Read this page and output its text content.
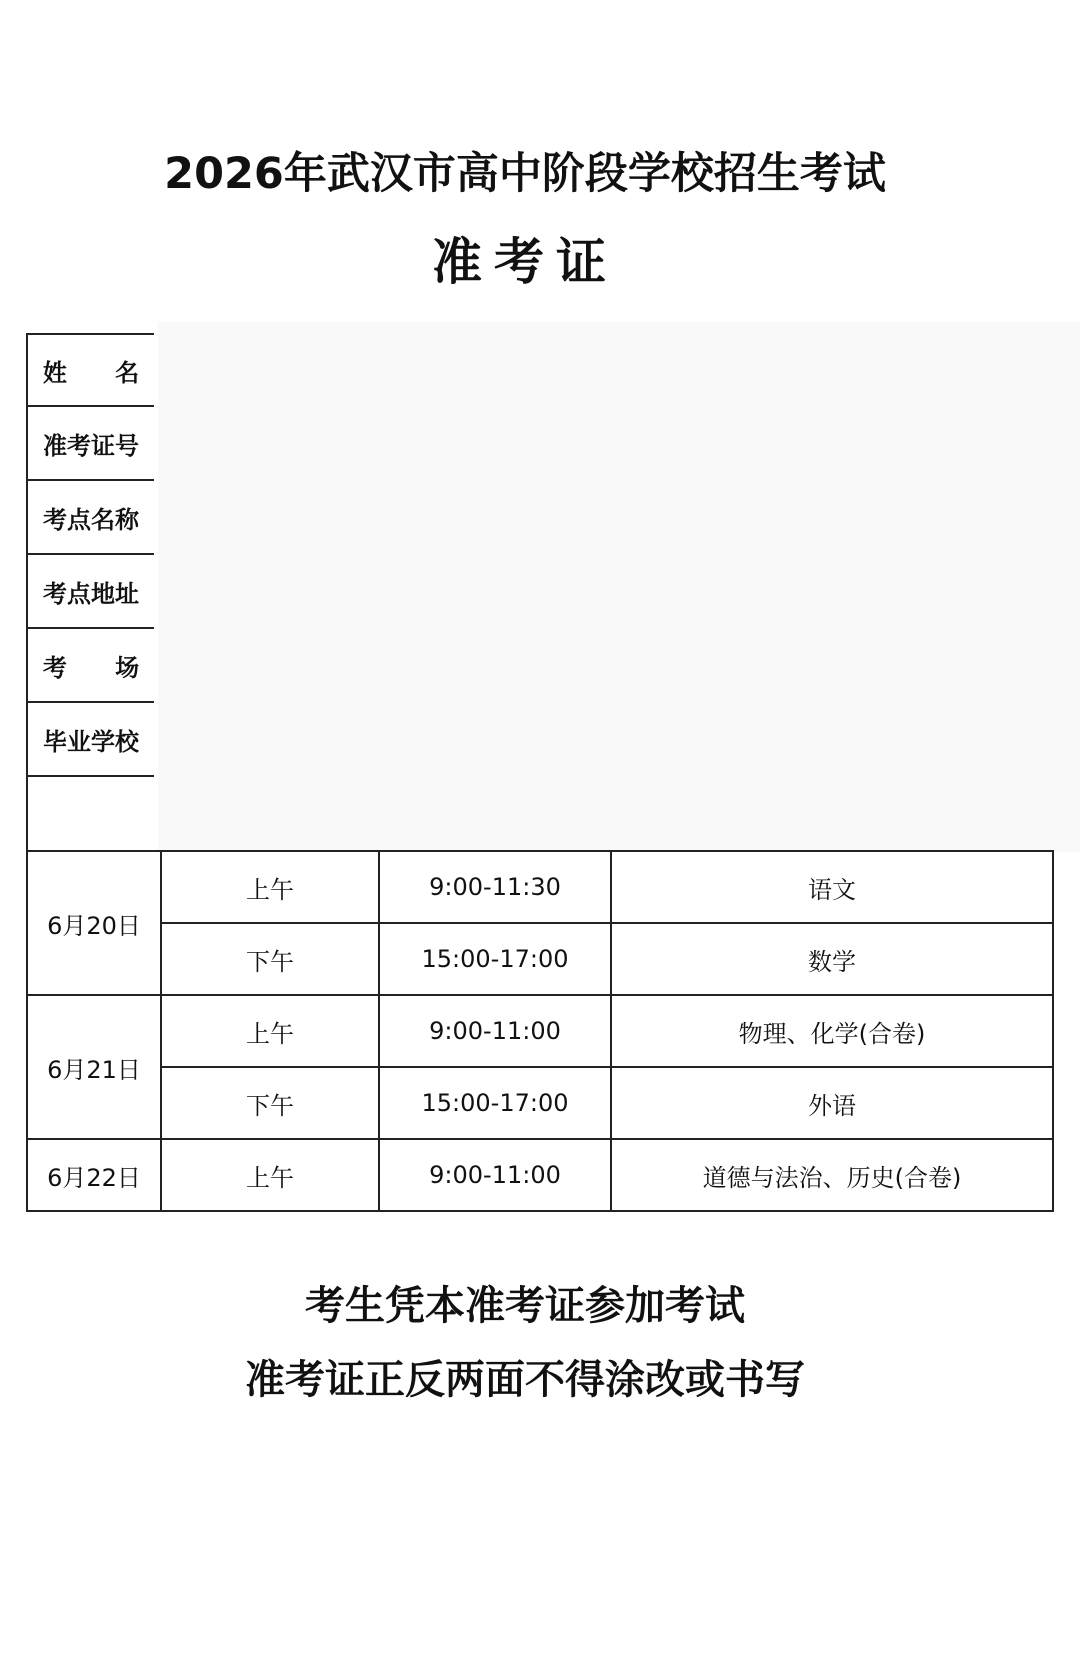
2026年武汉市高中阶段学校招生考试
准考证
姓 名
准考证号
考点名称
考点地址
考 场
毕业学校
6月20日	上午	9:00-11:30	语文
	下午	15:00-17:00	数学
6月21日	上午	9:00-11:00	物理、化学(合卷)
	下午	15:00-17:00	外语
6月22日	上午	9:00-11:00	道德与法治、历史(合卷)
考生凭本准考证参加考试
准考证正反两面不得涂改或书写
